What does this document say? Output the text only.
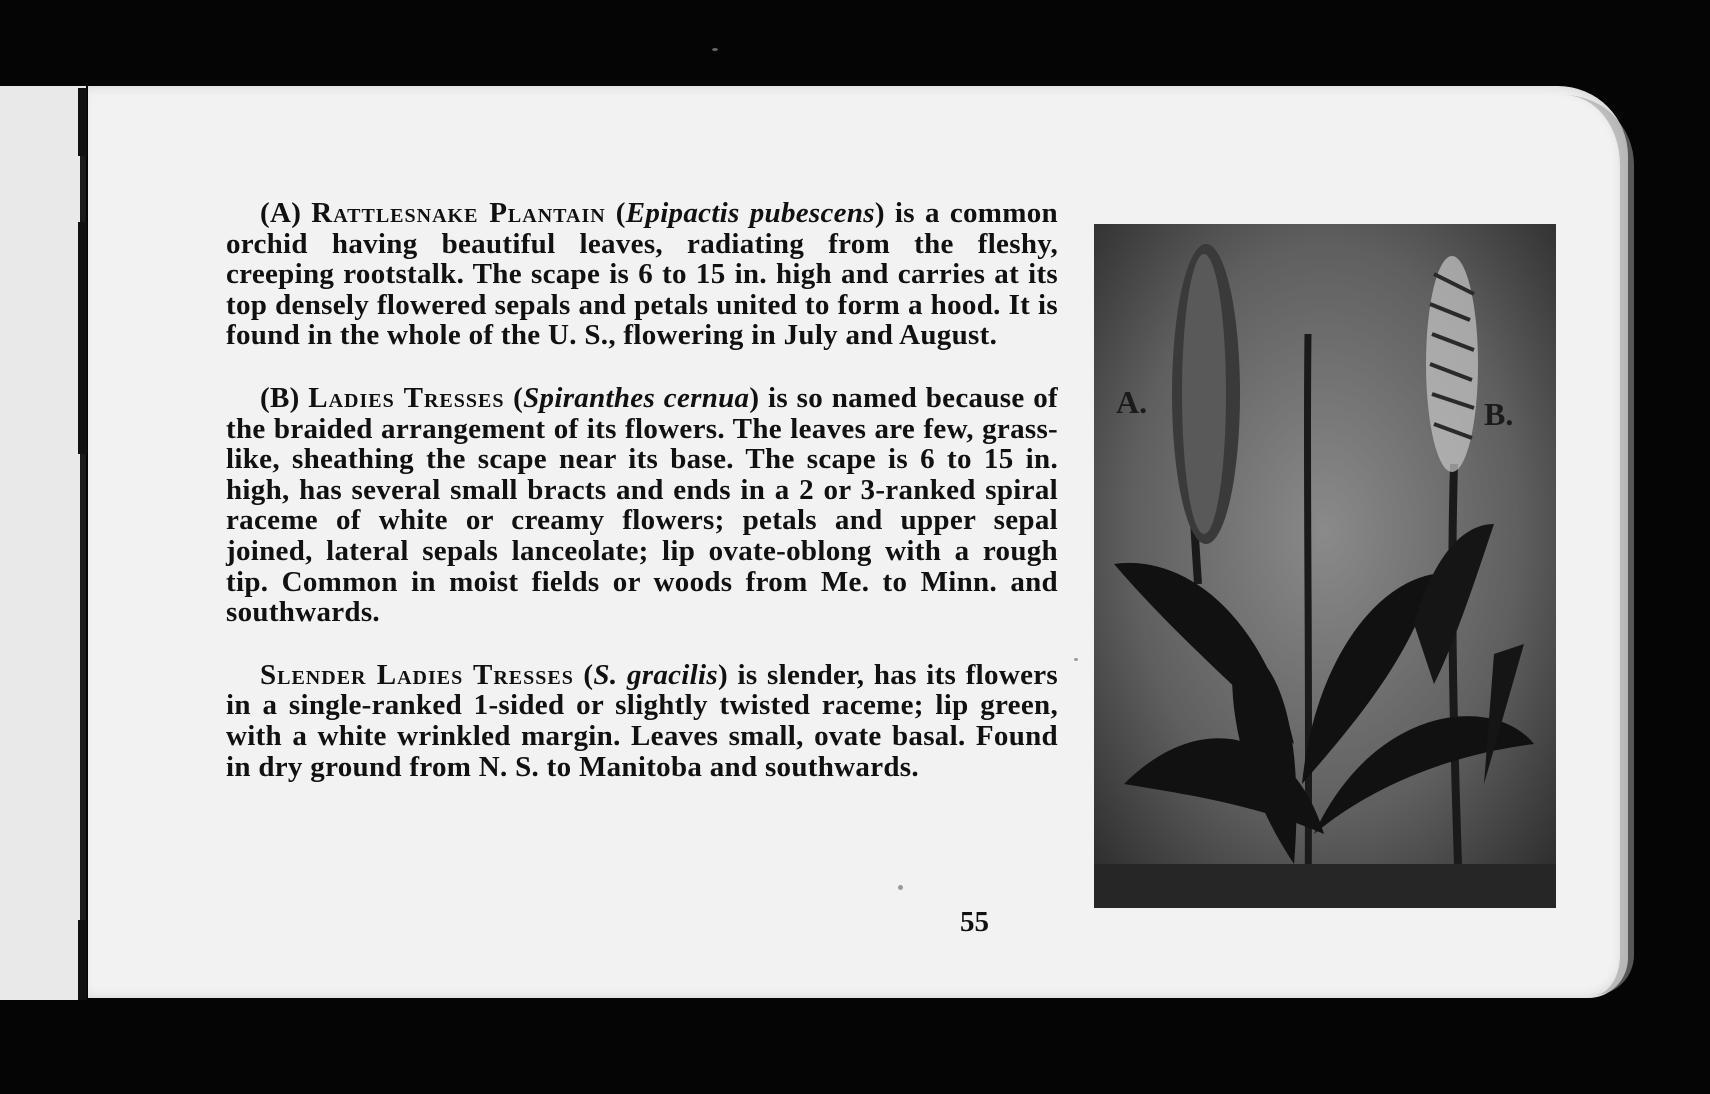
(A) Rattlesnake Plantain (Epipactis pubescens) is a common orchid having beautiful leaves, radiating from the fleshy, creeping rootstalk. The scape is 6 to 15 in. high and carries at its top densely flowered sepals and petals united to form a hood. It is found in the whole of the U. S., flowering in July and August.

(B) Ladies Tresses (Spiranthes cernua) is so named because of the braided arrangement of its flowers. The leaves are few, grass-like, sheathing the scape near its base. The scape is 6 to 15 in. high, has several small bracts and ends in a 2 or 3-ranked spiral raceme of white or creamy flowers; petals and upper sepal joined, lateral sepals lanceolate; lip ovate-oblong with a rough tip. Common in moist fields or woods from Me. to Minn. and southwards.

Slender Ladies Tresses (S. gracilis) is slender, has its flowers in a single-ranked 1-sided or slightly twisted raceme; lip green, with a white wrinkled margin. Leaves small, ovate basal. Found in dry ground from N. S. to Manitoba and southwards.

A.	B.
55
